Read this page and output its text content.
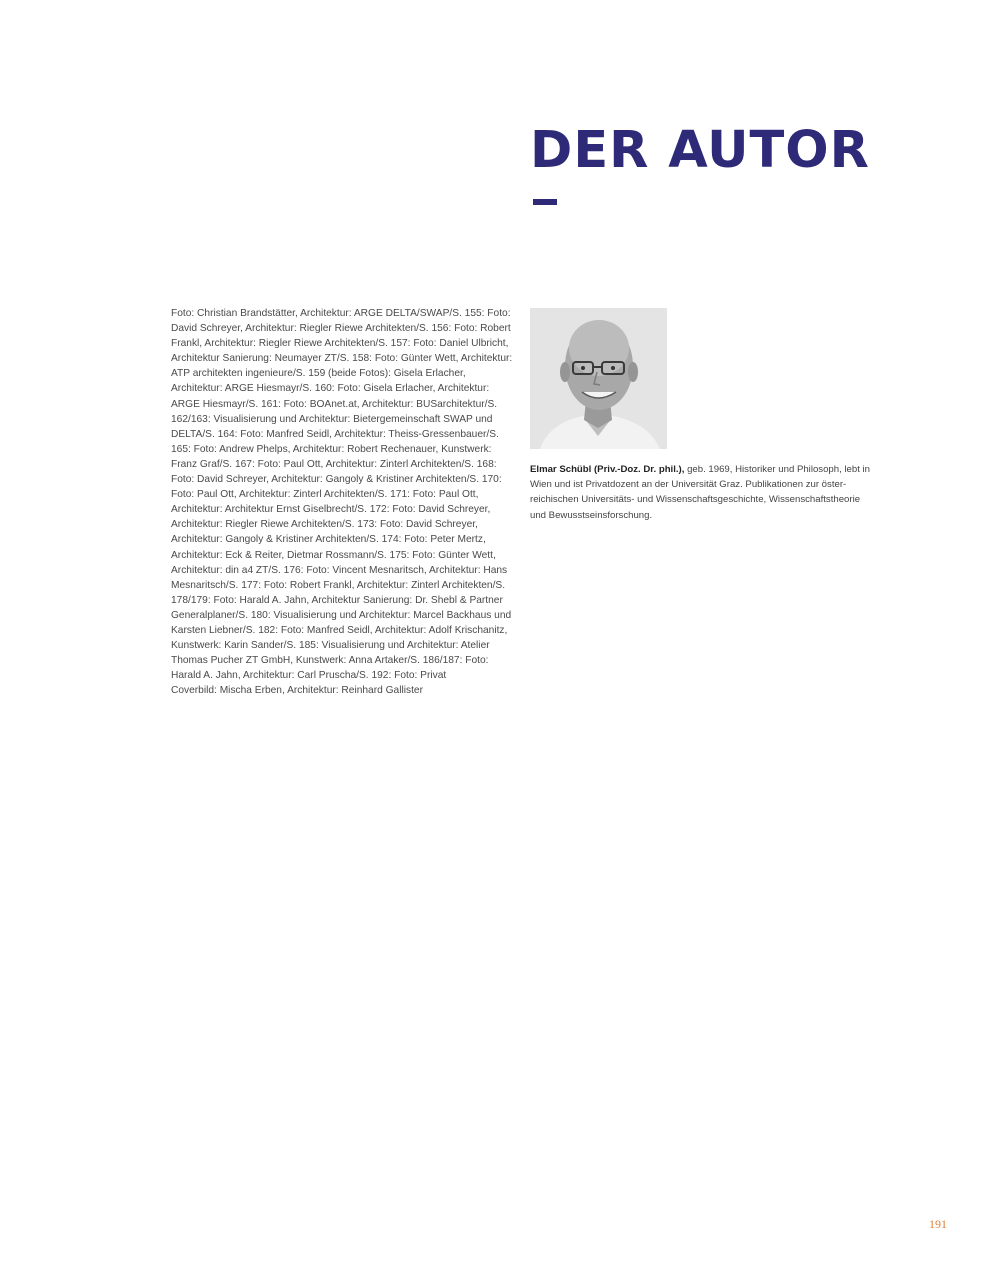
DER AUTOR

Foto: Christian Brandstätter, Architektur: ARGE DELTA/SWAP/S. 155: Foto: David Schreyer, Architektur: Riegler Riewe Architekten/S. 156: Foto: Robert Frankl, Architektur: Riegler Riewe Architekten/S. 157: Foto: Daniel Ulbricht, Architektur Sanierung: Neumayer ZT/S. 158: Foto: Günter Wett, Architektur: ATP architekten ingenieure/S. 159 (beide Fotos): Gisela Erlacher, Architektur: ARGE Hiesmayr/S. 160: Foto: Gisela Erlacher, Architektur: ARGE Hiesmayr/S. 161: Foto: BOAnet.at, Architektur: BUSarchitektur/S. 162/163: Visualisierung und Architektur: Bietergemeinschaft SWAP und DELTA/S. 164: Foto: Manfred Seidl, Architektur: Theiss-Gressenbauer/S. 165: Foto: Andrew Phelps, Architektur: Robert Rechenauer, Kunstwerk: Franz Graf/S. 167: Foto: Paul Ott, Architektur: Zinterl Architekten/S. 168: Foto: David Schreyer, Architektur: Gangoly & Kristiner Architekten/S. 170: Foto: Paul Ott, Architektur: Zinterl Architekten/S. 171: Foto: Paul Ott, Architektur: Architektur Ernst Giselbrecht/S. 172: Foto: David Schreyer, Architektur: Riegler Riewe Architekten/S. 173: Foto: David Schreyer, Architektur: Gangoly & Kristiner Architekten/S. 174: Foto: Peter Mertz, Architektur: Eck & Reiter, Dietmar Rossmann/S. 175: Foto: Günter Wett, Architektur: din a4 ZT/S. 176: Foto: Vincent Mesnaritsch, Architektur: Hans Mesnaritsch/S. 177: Foto: Robert Frankl, Architektur: Zinterl Architekten/S. 178/179: Foto: Harald A. Jahn, Architektur Sanierung: Dr. Shebl & Partner Generalplaner/S. 180: Visualisierung und Architektur: Marcel Backhaus und Karsten Liebner/S. 182: Foto: Manfred Seidl, Architektur: Adolf Krischanitz, Kunstwerk: Karin Sander/S. 185: Visualisierung und Architektur: Atelier Thomas Pucher ZT GmbH, Kunstwerk: Anna Artaker/S. 186/187: Foto: Harald A. Jahn, Architektur: Carl Pruscha/S. 192: Foto: Privat

Coverbild: Mischa Erben, Architektur: Reinhard Gallister

Elmar Schübl (Priv.-Doz. Dr. phil.), geb. 1969, Historiker und Philosoph, lebt in Wien und ist Privatdozent an der Universität Graz. Publikationen zur österreichischen Universitäts- und Wissenschaftsgeschichte, Wissenschaftstheorie und Bewusstseinsforschung.

191
